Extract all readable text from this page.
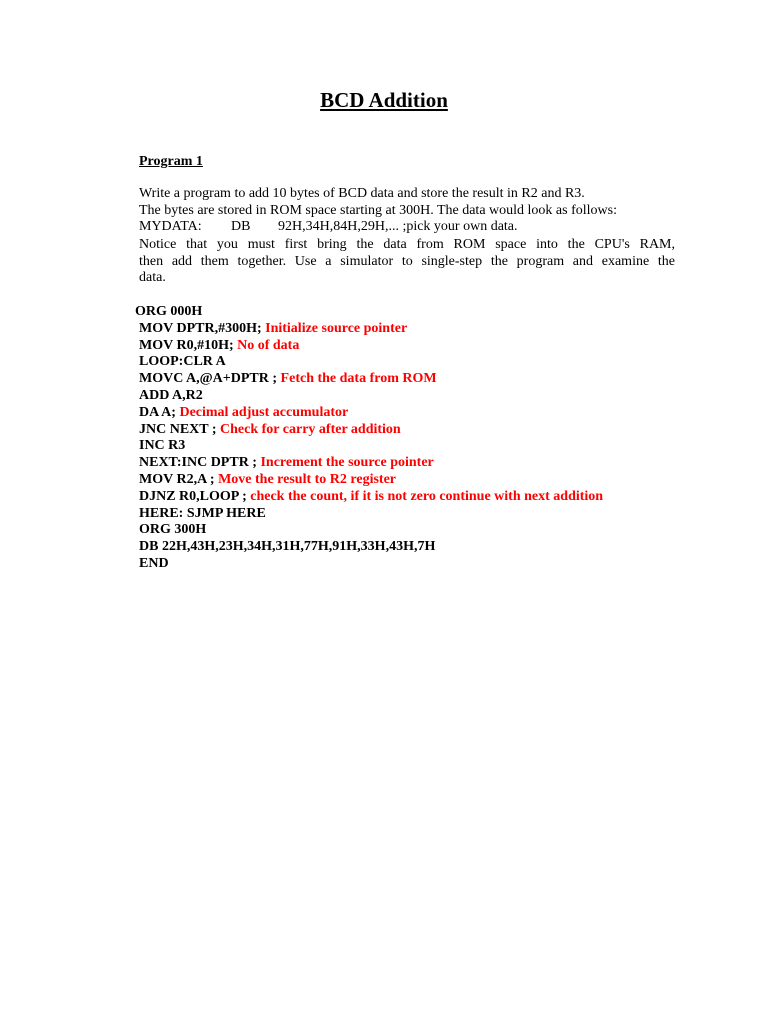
BCD Addition
Program 1
Write a program to add 10 bytes of BCD data and store the result in R2 and R3.
The bytes are stored in ROM space starting at 300H. The data would look as follows:
MYDATA: DB 92H,34H,84H,29H,... ;pick your own data.
Notice that you must first bring the data from ROM space into the CPU's RAM,
then add them together. Use a simulator to single-step the program and examine the
data.
ORG 000H
MOV DPTR,#300H; Initialize source pointer
MOV R0,#10H; No of data
LOOP:CLR A
MOVC A,@A+DPTR ; Fetch the data from ROM
ADD A,R2
DA A; Decimal adjust accumulator
JNC NEXT ; Check for carry after addition
INC R3
NEXT:INC DPTR ; Increment the source pointer
MOV R2,A ; Move the result to R2 register
DJNZ R0,LOOP ; check the count, if it is not zero continue with next addition
HERE: SJMP HERE
ORG 300H
DB 22H,43H,23H,34H,31H,77H,91H,33H,43H,7H
END
